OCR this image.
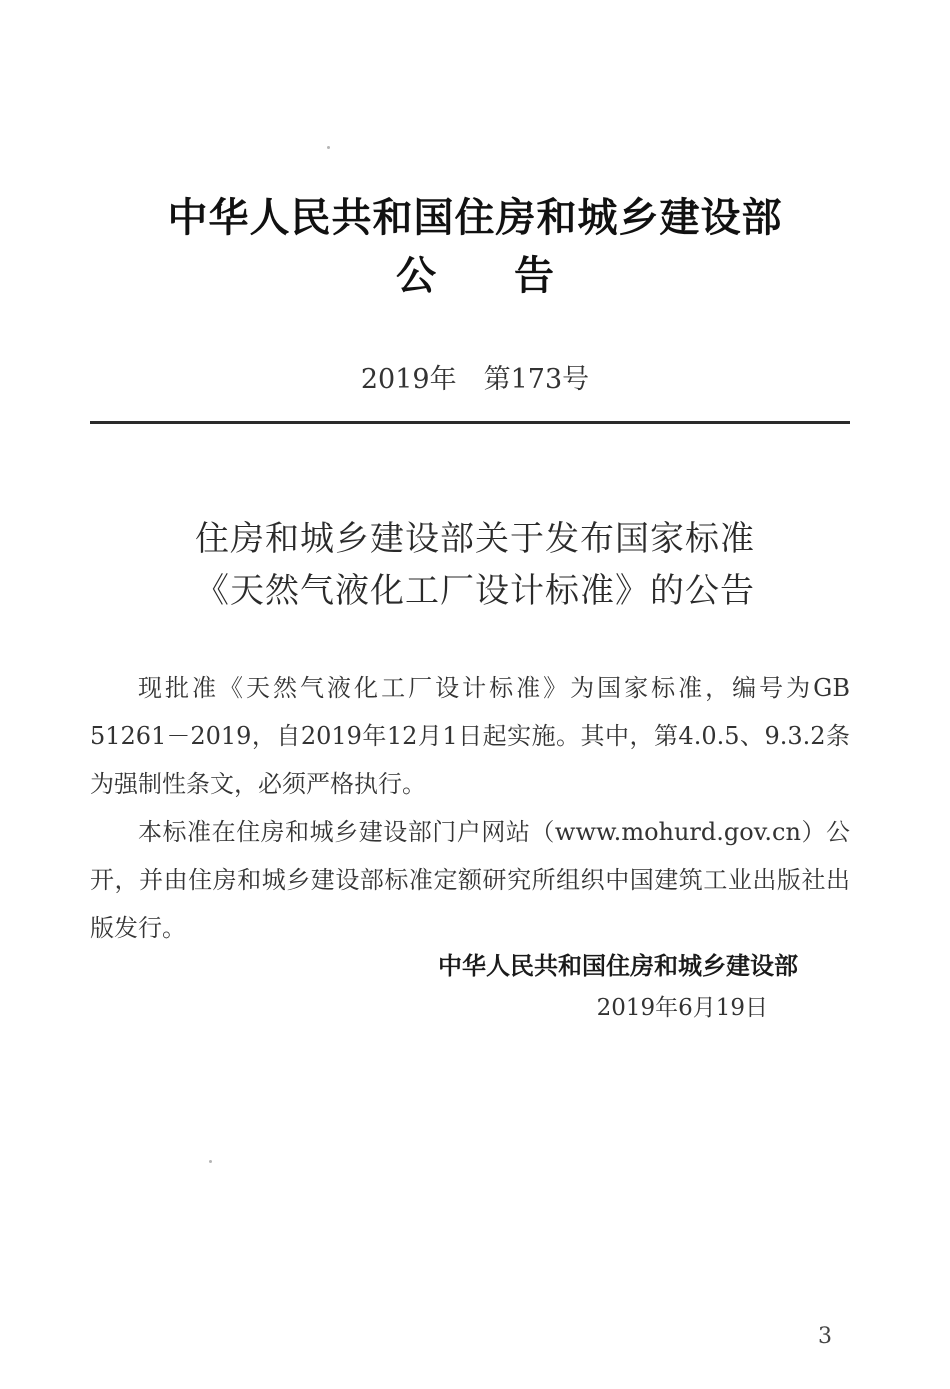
中华人民共和国住房和城乡建设部
公 告
2019年　第173号
住房和城乡建设部关于发布国家标准
《天然气液化工厂设计标准》的公告

现批准《天然气液化工厂设计标准》为国家标准，编号为GB 51261－2019，自2019年12月1日起实施。其中，第4.0.5、9.3.2条为强制性条文，必须严格执行。

本标准在住房和城乡建设部门户网站（www.mohurd.gov.cn）公开，并由住房和城乡建设部标准定额研究所组织中国建筑工业出版社出版发行。

中华人民共和国住房和城乡建设部
2019年6月19日
3
